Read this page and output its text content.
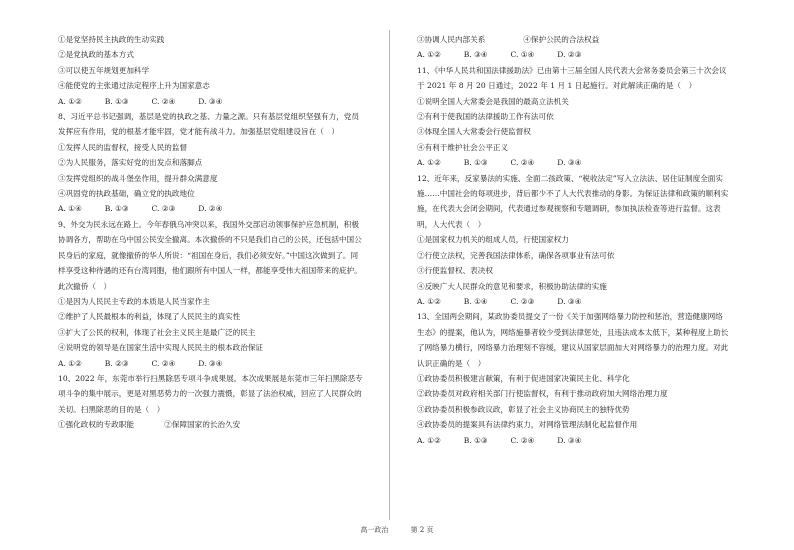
①是党坚持民主执政的生动实践
②是党执政的基本方式
③可以使五年规划更加科学
④能使党的主张通过法定程序上升为国家意志
A. ①②　　　B. ①③　　　C. ②④　　　D. ③④
8、习近平总书记强调，基层是党的执政之基、力量之源。只有基层党组织坚强有力，党员发挥应有作用，党的根基才能牢固，党才能有战斗力。加强基层党组建设旨在（　）
①发挥人民的监督权，接受人民的监督
②为人民服务，落实好党的出发点和落脚点
③发挥党组织的战斗堡垒作用，提升群众满意度
④巩固党的执政基础，确立党的执政地位
A. ①④　　　B. ①③　　　C. ②③　　　D. ②④
9、外交为民永远在路上。今年春俄乌冲突以来，我国外交部启动领事保护应急机制，积极协调各方，帮助在乌中国公民安全撤离。本次撤侨的不只是我们自己的公民，还包括中国公民身后的家庭，就像撤侨的华人所说：“祖国在身后，我们必须安好。”中国这次做到了。同样享受这种待遇的还有台湾同胞，他们跟所有中国人一样，都能享受伟大祖国带来的庇护。此次撤侨（　）
①是因为人民民主专政的本质是人民当家作主
②维护了人民最根本的利益，体现了人民民主的真实性
③扩大了公民的权利，体现了社会主义民主是最广泛的民主
④说明党的领导是在国家生活中实现人民民主的根本政治保证
A. ①②　　　B. ②③　　　C. ②④　　　D. ③④
10、2022 年，东莞市举行扫黑除恶专项斗争成果展。本次成果展是东莞市三年扫黑除恶专项斗争的集中展示，更是对黑恶势力的一次强力震慑，彰显了法治权威，回应了人民群众的关切。扫黑除恶的目的是（　）
①强化政权的专政职能　　　　②保障国家的长治久安
③协调人民内部关系　　　　　④保护公民的合法权益
A. ①②　　　B. ③④　　　C. ①④　　　D. ②③
11、《中华人民共和国法律援助法》已由第十三届全国人民代表大会常务委员会第三十次会议于 2021 年 8 月 20 日通过，2022 年 1 月 1 日起施行。对此解读正确的是（　）
①说明全国人大常委会是我国的最高立法机关
②有利于使我国的法律援助工作有法可依
③体现全国人大常委会行使监督权
④有利于维护社会公平正义
A. ①②　　　B. ①③　　　C. ②④　　　D. ③④
12、近年来，反家暴法的实施、全面二孩政策、“税收法定”写入立法法、居住证制度全面实施……中国社会的每项进步，背后都少不了人大代表推动的身影。为保证法律和政策的顺利实施，在代表大会闭会期间，代表通过参观视察和专题调研，参加执法检查等进行监督。这表明，人大代表（　）
①是国家权力机关的组成人员，行使国家权力
②行使立法权，完善我国法律体系，确保各项事业有法可依
③行使监督权、表决权
④反映广大人民群众的意见和要求，积极协助法律的实施
A. ①②　　　B. ①④　　　C. ②③　　　D. ③④
13、全国两会期间，某政协委员提交了一份《关于加强网络暴力防控和惩治，营造健康网络生态》的提案，他认为，网络施暴者较少受到法律惩处，且违法成本太低下，某种程度上助长了网络暴力横行，网络暴力治理刻不容缓，建议从国家层面加大对网络暴力的治理力度。对此认识正确的是（　）
①政协委员积极建言献策，有利于促进国家决策民主化、科学化
②政协委员对政府相关部门行使监督权，有利于推动政府加大网络治理力度
③政协委员积极参政议政，彰显了社会主义协商民主的独特优势
④政协委员的提案具有法律约束力，对网络管理法制化起监督作用
A. ①②　　　B. ①③　　　C. ②④　　　D. ③④
高一政治	第 2 页
